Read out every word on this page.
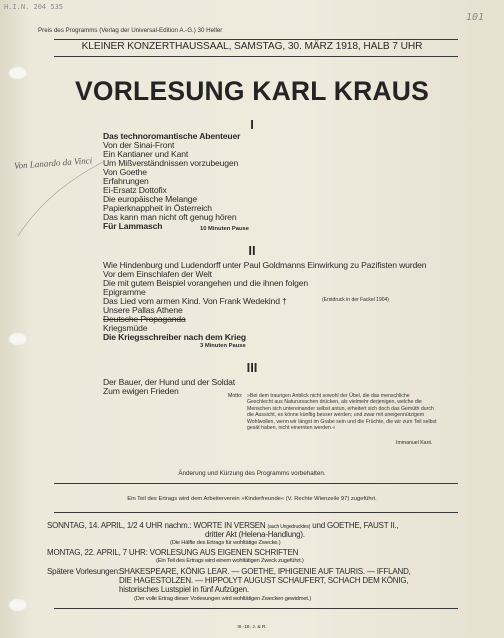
H.I.N. 204 535
101
Preis des Programms (Verlag der Universal-Edition A.-G.) 30 Heller
KLEINER KONZERTHAUSSAAL, SAMSTAG, 30. MÄRZ 1918, HALB 7 UHR
VORLESUNG KARL KRAUS
Von Lanardo da Vinci
I
Das technoromantische Abenteuer
Von der Sinai-Front
Ein Kantianer und Kant
Um Mißverständnissen vorzubeugen
Von Goethe
Erfahrungen
Ei-Ersatz Dottofix
Die europäische Melange
Papierknappheit in Österreich
Das kann man nicht oft genug hören
Für Lammasch	10 Minuten Pause
II
Wie Hindenburg und Ludendorff unter Paul Goldmanns Einwirkung zu Pazifisten wurden
Vor dem Einschlafen der Welt
Die mit gutem Beispiel vorangehen und die ihnen folgen
Epigramme
Das Lied vom armen Kind. Von Frank Wedekind †	(Erstdruck in der Fackel 1904)
Unsere Pallas Athene
Deutsche Propaganda
Kriegsmüde
Die Kriegsschreiber nach dem Krieg
3 Minuten Pause
III
Der Bauer, der Hund und der Soldat
Zum ewigen Frieden	Motto: »Bei dem traurigen Anblick nicht sowohl der Übel, die das menschliche Geschlecht aus Naturursachen drücken, als vielmehr derjenigen, welche die Menschen sich untereinander selbst antun, erheitert sich doch das Gemüth durch die Aussicht, es könne künftig besser werden; und zwar mit uneigennützigem Wohlwollen, wenn wir längst im Grabe sein und die Früchte, die wir zum Teil selbst gesät haben, nicht einernten werden.«
Immanuel Kant.
Änderung und Kürzung des Programms vorbehalten.
Ein Teil des Ertrags wird dem Arbeiterverein »Kinderfreunde« (V. Rechte Wienzeile 97) zugeführt.
SONNTAG, 14. APRIL, 1/2 4 UHR nachm.: WORTE IN VERSEN (auch Ungedrucktes) und GOETHE, FAUST II.,
dritter Akt (Helena-Handlung).
(Die Hälfte des Ertrags für wohltätige Zwecke.)
MONTAG, 22. APRIL, 7 UHR: VORLESUNG AUS EIGENEN SCHRIFTEN
(Ein Teil des Ertrags wird einem wohltätigen Zweck zugeführt.)
Spätere Vorlesungen: SHAKESPEARE, KÖNIG LEAR. — GOETHE, IPHIGENIE AUF TAURIS. — IFFLAND,
DIE HAGESTOLZEN. — HIPPOLYT AUGUST SCHAUFERT, SCHACH DEM KÖNIG,
historisches Lustspiel in fünf Aufzügen.
(Der volle Ertrag dieser Vorlesungen wird wohltätigen Zwecken gewidmet.)
III.-18. J. & R.
